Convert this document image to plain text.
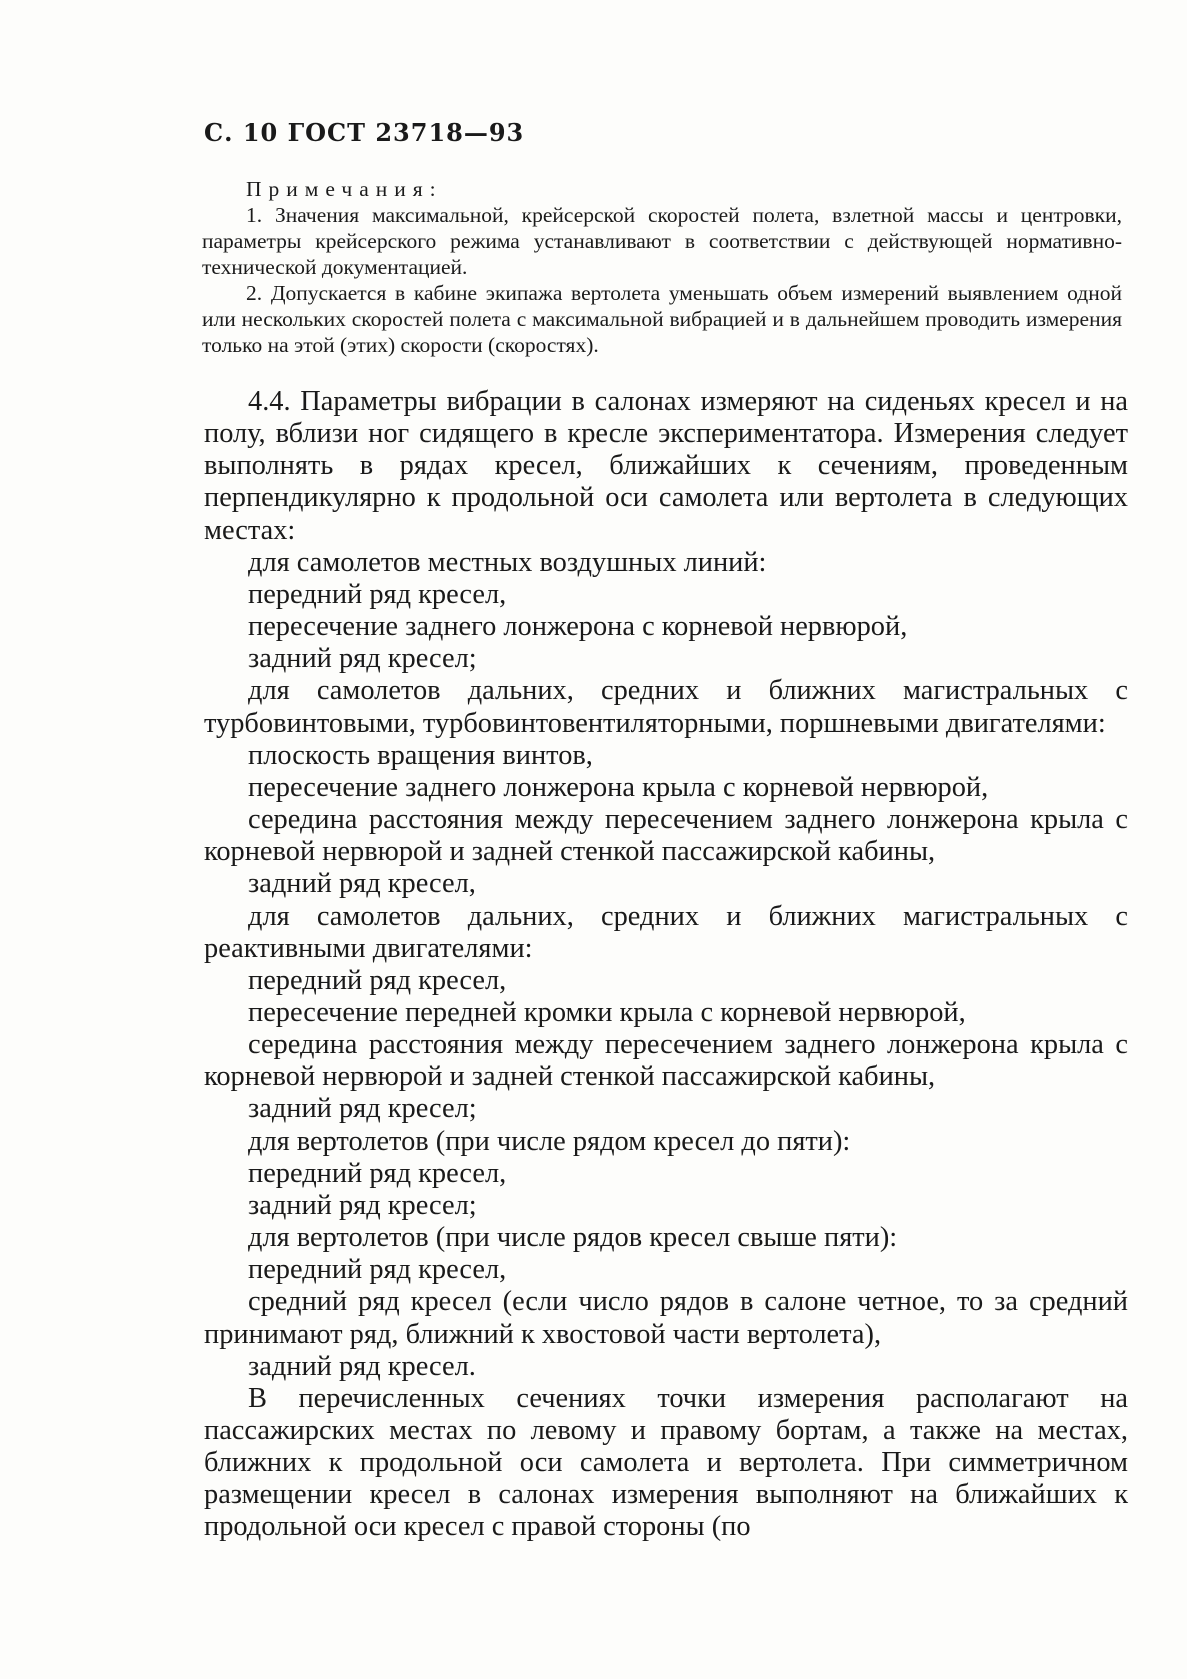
С. 10 ГОСТ 23718—93
Примечания:

1. Значения максимальной, крейсерской скоростей полета, взлетной массы и центровки, параметры крейсерского режима устанавливают в соответствии с действующей нормативно-технической документацией.

2. Допускается в кабине экипажа вертолета уменьшать объем измерений выявлением одной или нескольких скоростей полета с максимальной вибрацией и в дальнейшем проводить измерения только на этой (этих) скорости (скоростях).

4.4. Параметры вибрации в салонах измеряют на сиденьях кресел и на полу, вблизи ног сидящего в кресле экспериментатора. Измерения следует выполнять в рядах кресел, ближайших к сечениям, проведенным перпендикулярно к продольной оси самолета или вертолета в следующих местах:

для самолетов местных воздушных линий:

передний ряд кресел,

пересечение заднего лонжерона с корневой нервюрой,

задний ряд кресел;

для самолетов дальних, средних и ближних магистральных с турбовинтовыми, турбовинтовентиляторными, поршневыми двигателями:

плоскость вращения винтов,

пересечение заднего лонжерона крыла с корневой нервюрой,

середина расстояния между пересечением заднего лонжерона крыла с корневой нервюрой и задней стенкой пассажирской кабины,

задний ряд кресел,

для самолетов дальних, средних и ближних магистральных с реактивными двигателями:

передний ряд кресел,

пересечение передней кромки крыла с корневой нервюрой,

середина расстояния между пересечением заднего лонжерона крыла с корневой нервюрой и задней стенкой пассажирской кабины,

задний ряд кресел;

для вертолетов (при числе рядом кресел до пяти):

передний ряд кресел,

задний ряд кресел;

для вертолетов (при числе рядов кресел свыше пяти):

передний ряд кресел,

средний ряд кресел (если число рядов в салоне четное, то за средний принимают ряд, ближний к хвостовой части вертолета),

задний ряд кресел.

В перечисленных сечениях точки измерения располагают на пассажирских местах по левому и правому бортам, а также на местах, ближних к продольной оси самолета и вертолета. При симметричном размещении кресел в салонах измерения выполняют на ближайших к продольной оси кресел с правой стороны (по
